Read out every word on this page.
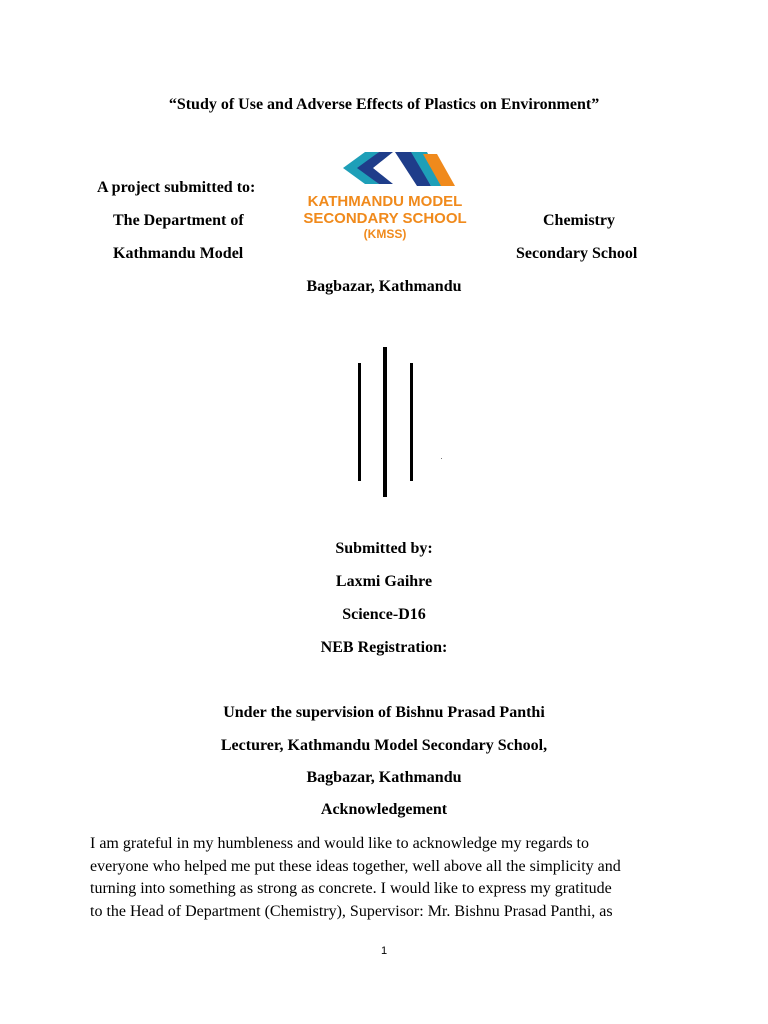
“Study of Use and Adverse Effects of Plastics on Environment”
A project submitted to:
The Department of	Chemistry
Kathmandu Model	Secondary School
Bagbazar, Kathmandu
KATHMANDU MODEL
SECONDARY SCHOOL
(KMSS)
Submitted by:
Laxmi Gaihre
Science-D16
NEB Registration:
Under the supervision of Bishnu Prasad Panthi
Lecturer, Kathmandu Model Secondary School,
Bagbazar, Kathmandu
Acknowledgement
I am grateful in my humbleness and would like to acknowledge my regards to
everyone who helped me put these ideas together, well above all the simplicity and
turning into something as strong as concrete. I would like to express my gratitude
to the Head of Department (Chemistry), Supervisor: Mr. Bishnu Prasad Panthi, as
1
